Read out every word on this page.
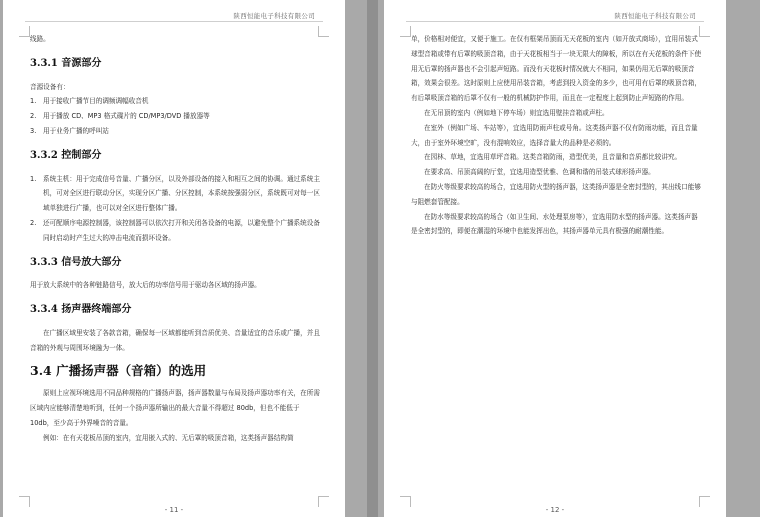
陕西恒能电子科技有限公司
线路。
3.3.1 音源部分
音源设备有：
1.	用于接收广播节目的调频调幅收音机
2.	用于播放 CD、MP3 格式碟片的 CD/MP3/DVD 播放器等
3.	用于业务广播的呼叫站
3.3.2 控制部分
1.	系统主机：用于完成信号音量、广播分区，以及外部设备的接入和相互之间的协调。通过系统主机，可对全区进行联动分区，实现分区广播、分区控制，本系统按强弱分区，系统既可对每一区域单独进行广播，也可以对全区进行整体广播。
2.	还可配顺序电源控制器，该控制器可以依次打开和关闭各设备的电源，以避免整个广播系统设备同时启动时产生过大的冲击电流而损坏设备。
3.3.3 信号放大部分
用于放大系统中的各种链路信号，放大后的功率信号用于驱动各区域的扬声器。
3.3.4 扬声器终端部分
在广播区域里安装了各款音箱，确保每一区域都能听到音质优美、音量适宜的音乐或广播，并且音箱的外观与周围环境融为一体。
3.4 广播扬声器（音箱）的选用
原则上应视环境选用不同品种规格的广播扬声器，扬声器数量与布局及扬声器功率有关，在所需区域内应能够清楚地听到，任何一个扬声器所输出的最大音量不得超过 80db，但也不能低于 10db，至少高于外界噪音的音量。
例如：在有天花板吊顶的室内，宜用嵌入式的、无后罩的吸顶音箱，这类扬声器结构简
- 11 -
陕西恒能电子科技有限公司
单，价格相对便宜，又便于施工。在仅有框架吊顶而无天花板的室内（如开放式商场），宜用吊装式球型音箱或带有后罩的吸顶音箱，由于天花板相当于一块无限大的障板，所以在有天花板的条件下使用无后罩的扬声器也不会引起声短路。而没有天花板时情况就大不相同，如果仍用无后罩的吸顶音箱，效果会很差。这时原则上应使用吊装音箱，考虑到投入资金的多少，也可用有后罩的吸顶音箱，有后罩吸顶音箱的后罩不仅有一般的机械防护作用，而且在一定程度上起到防止声短路的作用。
在无吊顶的室内（例如地下停车场）则宜选用壁挂音箱或声柱。
在室外（例如广场、车站等），宜选用防雨声柱或号角。这类扬声器不仅有防雨功能，而且音量大，由于室外环境空旷，没有混响效应，选择音量大的品种是必须的。
在园林、草地，宜选用草坪音箱。这类音箱防雨，造型优美，且音量和音质都比较讲究。
在要求高、吊顶高阔的厅堂，宜选用造型优雅、色调和谐的吊装式球形扬声器。
在防火等级要求较高的场合，宜选用防火型的扬声器，这类扬声器是全密封型的，其出线口能够与阻燃套管配接。
在防水等级要求较高的场合（如卫生间、水处理泵房等），宜选用防水型的扬声器。这类扬声器是全密封型的，即便在潮湿的环境中也能发挥出色，其扬声器单元具有极强的耐潮性能。
- 12 -
